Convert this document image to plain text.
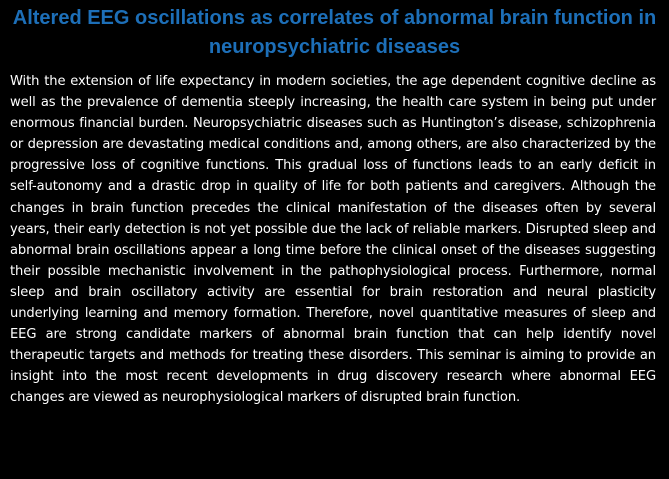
Altered EEG oscillations as correlates of abnormal brain function in neuropsychiatric diseases

With the extension of life expectancy in modern societies, the age dependent cognitive decline as well as the prevalence of dementia steeply increasing, the health care system in being put under enormous financial burden. Neuropsychiatric diseases such as Huntington’s disease, schizophrenia or depression are devastating medical conditions and, among others, are also characterized by the progressive loss of cognitive functions. This gradual loss of functions leads to an early deficit in self-autonomy and a drastic drop in quality of life for both patients and caregivers. Although the changes in brain function precedes the clinical manifestation of the diseases often by several years, their early detection is not yet possible due the lack of reliable markers. Disrupted sleep and abnormal brain oscillations appear a long time before the clinical onset of the diseases suggesting their possible mechanistic involvement in the pathophysiological process. Furthermore, normal sleep and brain oscillatory activity are essential for brain restoration and neural plasticity underlying learning and memory formation. Therefore, novel quantitative measures of sleep and EEG are strong candidate markers of abnormal brain function that can help identify novel therapeutic targets and methods for treating these disorders. This seminar is aiming to provide an insight into the most recent developments in drug discovery research where abnormal EEG changes are viewed as neurophysiological markers of disrupted brain function.
